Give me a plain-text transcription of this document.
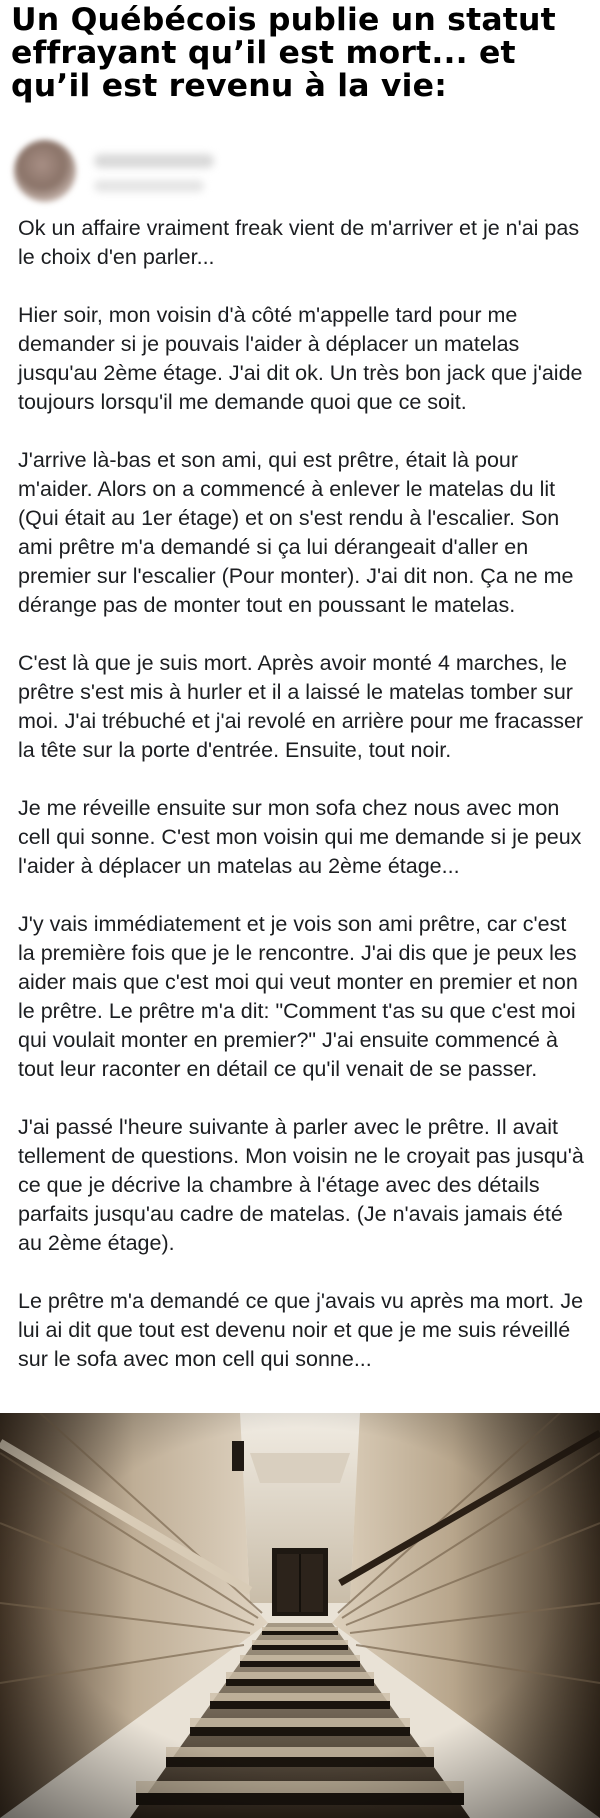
Un Québécois publie un statut effrayant qu’il est mort... et qu’il est revenu à la vie:

Ok un affaire vraiment freak vient de m'arriver et je n'ai pas le choix d'en parler...

Hier soir, mon voisin d'à côté m'appelle tard pour me demander si je pouvais l'aider à déplacer un matelas jusqu'au 2ème étage. J'ai dit ok. Un très bon jack que j'aide toujours lorsqu'il me demande quoi que ce soit.

J'arrive là-bas et son ami, qui est prêtre, était là pour m'aider. Alors on a commencé à enlever le matelas du lit (Qui était au 1er étage) et on s'est rendu à l'escalier. Son ami prêtre m'a demandé si ça lui dérangeait d'aller en premier sur l'escalier (Pour monter). J'ai dit non. Ça ne me dérange pas de monter tout en poussant le matelas.

C'est là que je suis mort. Après avoir monté 4 marches, le prêtre s'est mis à hurler et il a laissé le matelas tomber sur moi. J'ai trébuché et j'ai revolé en arrière pour me fracasser la tête sur la porte d'entrée. Ensuite, tout noir.

Je me réveille ensuite sur mon sofa chez nous avec mon cell qui sonne. C'est mon voisin qui me demande si je peux l'aider à déplacer un matelas au 2ème étage...

J'y vais immédiatement et je vois son ami prêtre, car c'est la première fois que je le rencontre. J'ai dis que je peux les aider mais que c'est moi qui veut monter en premier et non le prêtre. Le prêtre m'a dit: "Comment t'as su que c'est moi qui voulait monter en premier?" J'ai ensuite commencé à tout leur raconter en détail ce qu'il venait de se passer.

J'ai passé l'heure suivante à parler avec le prêtre. Il avait tellement de questions. Mon voisin ne le croyait pas jusqu'à ce que je décrive la chambre à l'étage avec des détails parfaits jusqu'au cadre de matelas. (Je n'avais jamais été au 2ème étage).

Le prêtre m'a demandé ce que j'avais vu après ma mort. Je lui ai dit que tout est devenu noir et que je me suis réveillé sur le sofa avec mon cell qui sonne...
